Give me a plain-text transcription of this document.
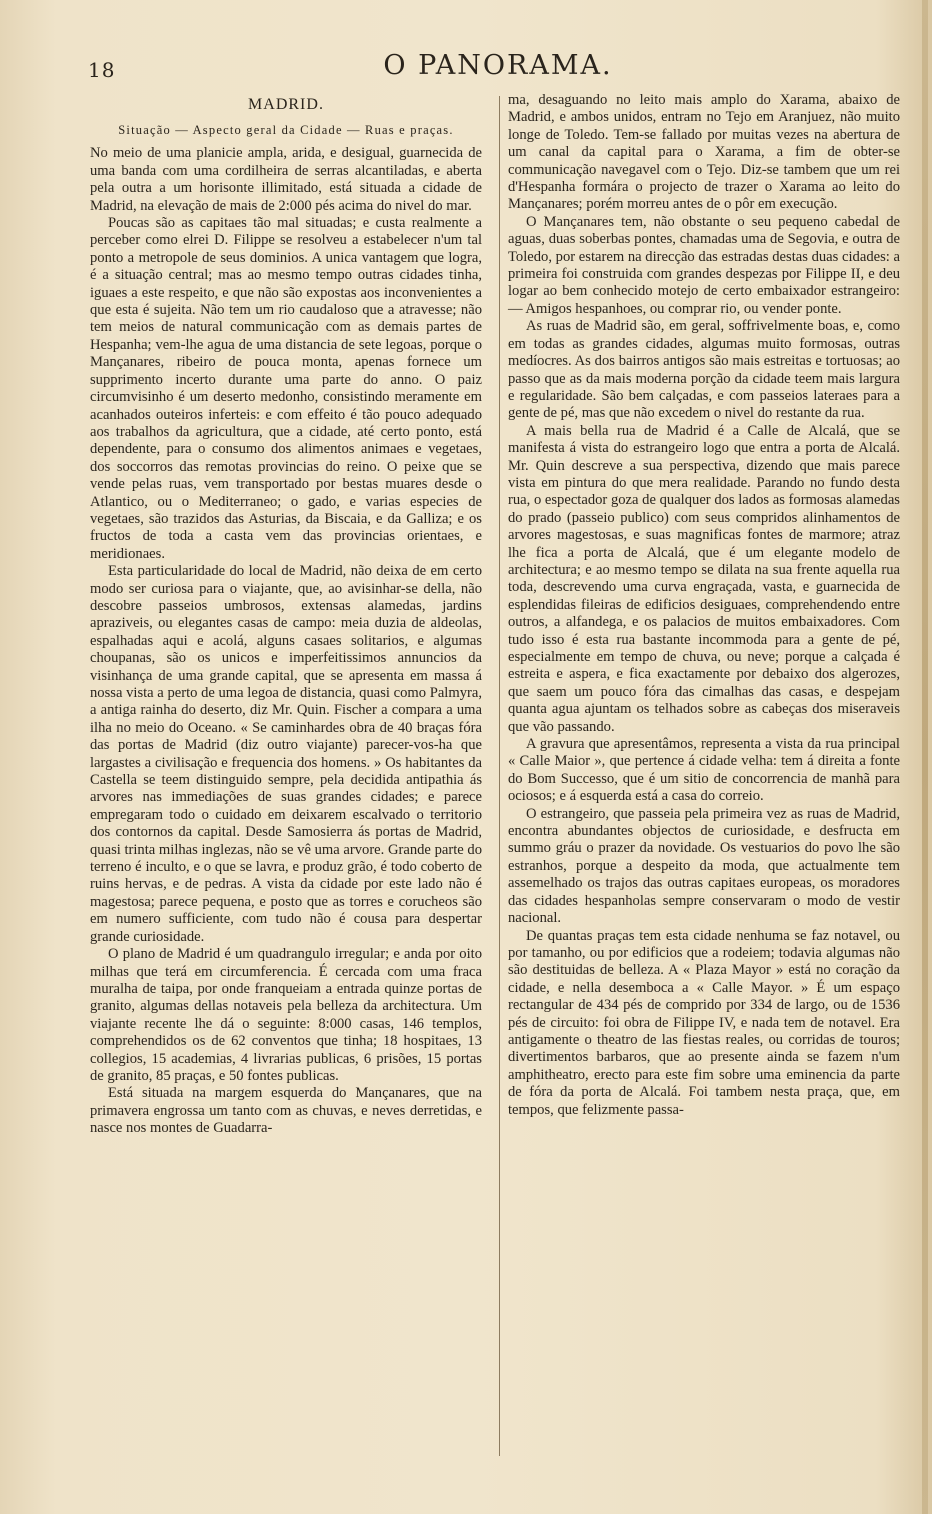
18	O PANORAMA.
MADRID.
Situação — Aspecto geral da Cidade — Ruas e praças.

No meio de uma planicie ampla, arida, e desigual, guarnecida de uma banda com uma cordilheira de serras alcantiladas, e aberta pela outra a um horisonte illimitado, está situada a cidade de Madrid, na elevação de mais de 2:000 pés acima do nivel do mar.

Poucas são as capitaes tão mal situadas; e custa realmente a perceber como elrei D. Filippe se resolveu a estabelecer n'um tal ponto a metropole de seus dominios. A unica vantagem que logra, é a situação central; mas ao mesmo tempo outras cidades tinha, iguaes a este respeito, e que não são expostas aos inconvenientes a que esta é sujeita. Não tem um rio caudaloso que a atravesse; não tem meios de natural communicação com as demais partes de Hespanha; vem-lhe agua de uma distancia de sete legoas, porque o Mançanares, ribeiro de pouca monta, apenas fornece um supprimento incerto durante uma parte do anno. O paiz circumvisinho é um deserto medonho, consistindo meramente em acanhados outeiros inferteis: e com effeito é tão pouco adequado aos trabalhos da agricultura, que a cidade, até certo ponto, está dependente, para o consumo dos alimentos animaes e vegetaes, dos soccorros das remotas provincias do reino. O peixe que se vende pelas ruas, vem transportado por bestas muares desde o Atlantico, ou o Mediterraneo; o gado, e varias especies de vegetaes, são trazidos das Asturias, da Biscaia, e da Galliza; e os fructos de toda a casta vem das provincias orientaes, e meridionaes.

Esta particularidade do local de Madrid, não deixa de em certo modo ser curiosa para o viajante, que, ao avisinhar-se della, não descobre passeios umbrosos, extensas alamedas, jardins apraziveis, ou elegantes casas de campo: meia duzia de aldeolas, espalhadas aqui e acolá, alguns casaes solitarios, e algumas choupanas, são os unicos e imperfeitissimos annuncios da visinhança de uma grande capital, que se apresenta em massa á nossa vista a perto de uma legoa de distancia, quasi como Palmyra, a antiga rainha do deserto, diz Mr. Quin. Fischer a compara a uma ilha no meio do Oceano. « Se caminhardes obra de 40 braças fóra das portas de Madrid (diz outro viajante) parecer-vos-ha que largastes a civilisação e frequencia dos homens. » Os habitantes da Castella se teem distinguido sempre, pela decidida antipathia ás arvores nas immediações de suas grandes cidades; e parece empregaram todo o cuidado em deixarem escalvado o territorio dos contornos da capital. Desde Samosierra ás portas de Madrid, quasi trinta milhas inglezas, não se vê uma arvore. Grande parte do terreno é inculto, e o que se lavra, e produz grão, é todo coberto de ruins hervas, e de pedras. A vista da cidade por este lado não é magestosa; parece pequena, e posto que as torres e corucheos são em numero sufficiente, com tudo não é cousa para despertar grande curiosidade.

O plano de Madrid é um quadrangulo irregular; e anda por oito milhas que terá em circumferencia. É cercada com uma fraca muralha de taipa, por onde franqueiam a entrada quinze portas de granito, algumas dellas notaveis pela belleza da architectura. Um viajante recente lhe dá o seguinte: 8:000 casas, 146 templos, comprehendidos os de 62 conventos que tinha; 18 hospitaes, 13 collegios, 15 academias, 4 livrarias publicas, 6 prisões, 15 portas de granito, 85 praças, e 50 fontes publicas.

Está situada na margem esquerda do Mançanares, que na primavera engrossa um tanto com as chuvas, e neves derretidas, e nasce nos montes de Guadarra-

ma, desaguando no leito mais amplo do Xarama, abaixo de Madrid, e ambos unidos, entram no Tejo em Aranjuez, não muito longe de Toledo. Tem-se fallado por muitas vezes na abertura de um canal da capital para o Xarama, a fim de obter-se communicação navegavel com o Tejo. Diz-se tambem que um rei d'Hespanha formára o projecto de trazer o Xarama ao leito do Mançanares; porém morreu antes de o pôr em execução.

O Mançanares tem, não obstante o seu pequeno cabedal de aguas, duas soberbas pontes, chamadas uma de Segovia, e outra de Toledo, por estarem na direcção das estradas destas duas cidades: a primeira foi construida com grandes despezas por Filippe II, e deu logar ao bem conhecido motejo de certo embaixador estrangeiro: — Amigos hespanhoes, ou comprar rio, ou vender ponte.

As ruas de Madrid são, em geral, soffrivelmente boas, e, como em todas as grandes cidades, algumas muito formosas, outras medíocres. As dos bairros antigos são mais estreitas e tortuosas; ao passo que as da mais moderna porção da cidade teem mais largura e regularidade. São bem calçadas, e com passeios lateraes para a gente de pé, mas que não excedem o nivel do restante da rua.

A mais bella rua de Madrid é a Calle de Alcalá, que se manifesta á vista do estrangeiro logo que entra a porta de Alcalá. Mr. Quin descreve a sua perspectiva, dizendo que mais parece vista em pintura do que mera realidade. Parando no fundo desta rua, o espectador goza de qualquer dos lados as formosas alamedas do prado (passeio publico) com seus compridos alinhamentos de arvores magestosas, e suas magnificas fontes de marmore; atraz lhe fica a porta de Alcalá, que é um elegante modelo de architectura; e ao mesmo tempo se dilata na sua frente aquella rua toda, descrevendo uma curva engraçada, vasta, e guarnecida de esplendidas fileiras de edificios desiguaes, comprehendendo entre outros, a alfandega, e os palacios de muitos embaixadores. Com tudo isso é esta rua bastante incommoda para a gente de pé, especialmente em tempo de chuva, ou neve; porque a calçada é estreita e aspera, e fica exactamente por debaixo dos algerozes, que saem um pouco fóra das cimalhas das casas, e despejam quanta agua ajuntam os telhados sobre as cabeças dos miseraveis que vão passando.

A gravura que apresentâmos, representa a vista da rua principal « Calle Maior », que pertence á cidade velha: tem á direita a fonte do Bom Successo, que é um sitio de concorrencia de manhã para ociosos; e á esquerda está a casa do correio.

O estrangeiro, que passeia pela primeira vez as ruas de Madrid, encontra abundantes objectos de curiosidade, e desfructa em summo gráu o prazer da novidade. Os vestuarios do povo lhe são estranhos, porque a despeito da moda, que actualmente tem assemelhado os trajos das outras capitaes europeas, os moradores das cidades hespanholas sempre conservaram o modo de vestir nacional.

De quantas praças tem esta cidade nenhuma se faz notavel, ou por tamanho, ou por edificios que a rodeiem; todavia algumas não são destituidas de belleza. A « Plaza Mayor » está no coração da cidade, e nella desemboca a « Calle Mayor. » É um espaço rectangular de 434 pés de comprido por 334 de largo, ou de 1536 pés de circuito: foi obra de Filippe IV, e nada tem de notavel. Era antigamente o theatro de las fiestas reales, ou corridas de touros; divertimentos barbaros, que ao presente ainda se fazem n'um amphitheatro, erecto para este fim sobre uma eminencia da parte de fóra da porta de Alcalá. Foi tambem nesta praça, que, em tempos, que felizmente passa-
